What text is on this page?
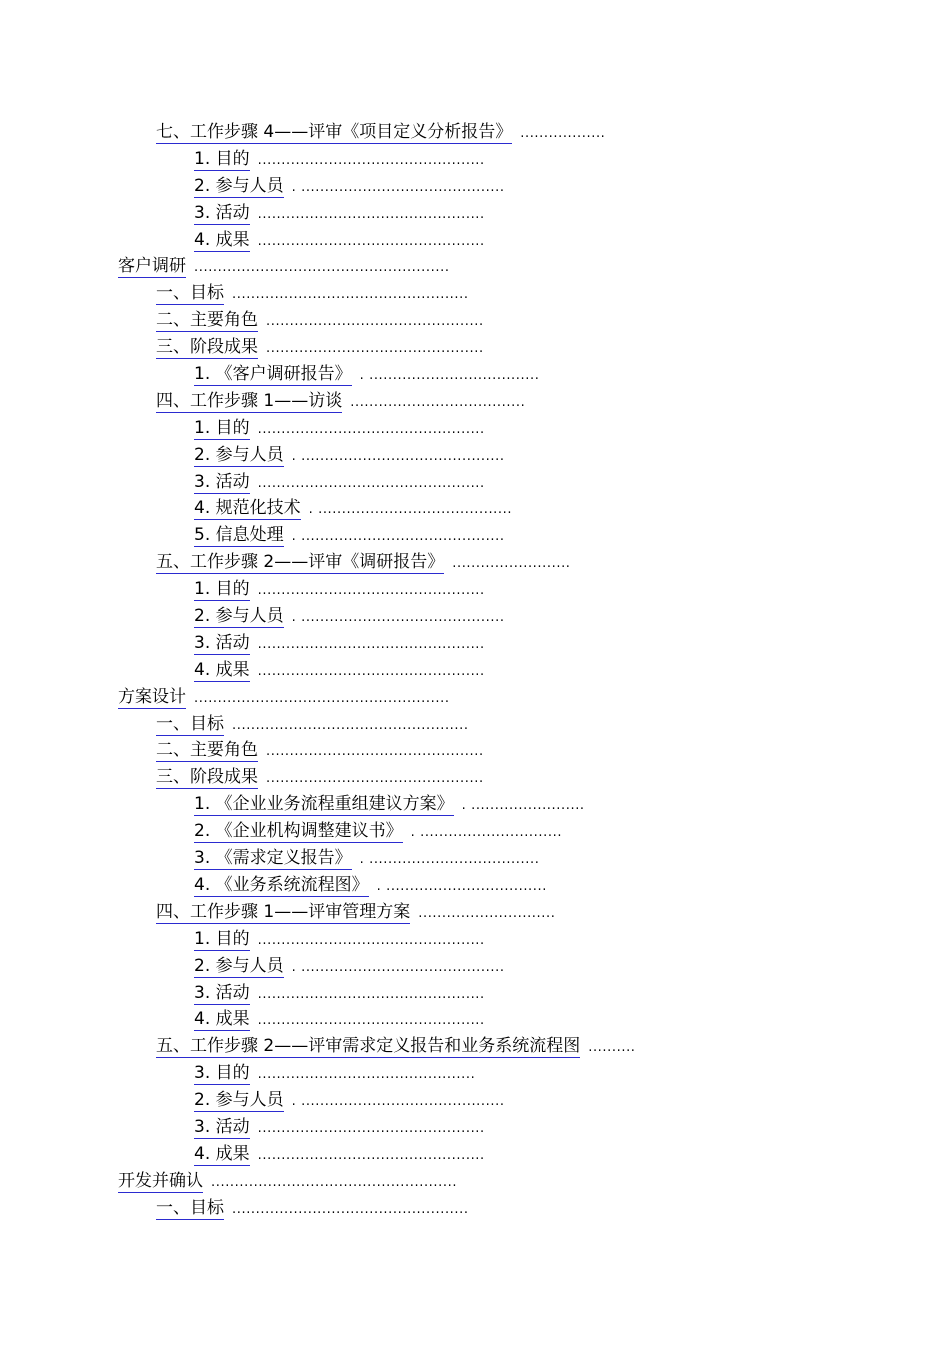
七、工作步骤 4——评审《项目定义分析报告》..................
1. 目的................................................
2. 参与人员. ...........................................
3. 活动................................................
4. 成果................................................
客户调研......................................................
一、目标..................................................
二、主要角色..............................................
三、阶段成果..............................................
1. 《客户调研报告》. ....................................
四、工作步骤 1——访谈.....................................
1. 目的................................................
2. 参与人员. ...........................................
3. 活动................................................
4. 规范化技术. .........................................
5. 信息处理. ...........................................
五、工作步骤 2——评审《调研报告》.........................
1. 目的................................................
2. 参与人员. ...........................................
3. 活动................................................
4. 成果................................................
方案设计......................................................
一、目标..................................................
二、主要角色..............................................
三、阶段成果..............................................
1. 《企业业务流程重组建议方案》. ........................
2. 《企业机构调整建议书》. ..............................
3. 《需求定义报告》. ....................................
4. 《业务系统流程图》. ..................................
四、工作步骤 1——评审管理方案.............................
1. 目的................................................
2. 参与人员. ...........................................
3. 活动................................................
4. 成果................................................
五、工作步骤 2——评审需求定义报告和业务系统流程图..........
3. 目的..............................................
2. 参与人员. ...........................................
3. 活动................................................
4. 成果................................................
开发并确认....................................................
一、目标..................................................
